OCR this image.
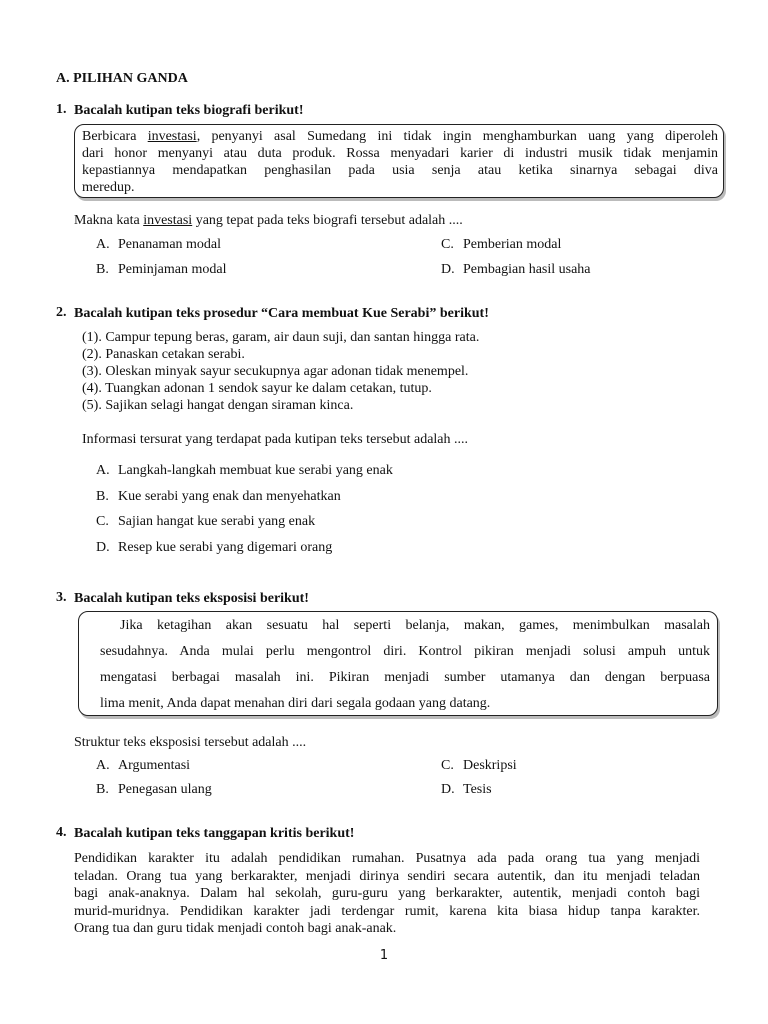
A. PILIHAN GANDA
1. Bacalah kutipan teks biografi berikut!
Berbicara investasi, penyanyi asal Sumedang ini tidak ingin menghamburkan uang yang diperoleh
dari honor menyanyi atau duta produk. Rossa menyadari karier di industri musik tidak menjamin
kepastiannya mendapatkan penghasilan pada usia senja atau ketika sinarnya sebagai diva
meredup.
Makna kata investasi yang tepat pada teks biografi tersebut adalah ....
A. Penanaman modal	C. Pemberian modal
B. Peminjaman modal	D. Pembagian hasil usaha
2. Bacalah kutipan teks prosedur “Cara membuat Kue Serabi” berikut!
(1). Campur tepung beras, garam, air daun suji, dan santan hingga rata.
(2). Panaskan cetakan serabi.
(3). Oleskan minyak sayur secukupnya agar adonan tidak menempel.
(4). Tuangkan adonan 1 sendok sayur ke dalam cetakan, tutup.
(5). Sajikan selagi hangat dengan siraman kinca.
Informasi tersurat yang terdapat pada kutipan teks tersebut adalah ....
A. Langkah-langkah membuat kue serabi yang enak
B. Kue serabi yang enak dan menyehatkan
C. Sajian hangat kue serabi yang enak
D. Resep kue serabi yang digemari orang
3. Bacalah kutipan teks eksposisi berikut!
Jika ketagihan akan sesuatu hal seperti belanja, makan, games, menimbulkan masalah
sesudahnya. Anda mulai perlu mengontrol diri. Kontrol pikiran menjadi solusi ampuh untuk
mengatasi berbagai masalah ini. Pikiran menjadi sumber utamanya dan dengan berpuasa
lima menit, Anda dapat menahan diri dari segala godaan yang datang.
Struktur teks eksposisi tersebut adalah ....
A. Argumentasi	C. Deskripsi
B. Penegasan ulang	D. Tesis
4. Bacalah kutipan teks tanggapan kritis berikut!
Pendidikan karakter itu adalah pendidikan rumahan. Pusatnya ada pada orang tua yang menjadi
teladan. Orang tua yang berkarakter, menjadi dirinya sendiri secara autentik, dan itu menjadi teladan
bagi anak-anaknya. Dalam hal sekolah, guru-guru yang berkarakter, autentik, menjadi contoh bagi
murid-muridnya. Pendidikan karakter jadi terdengar rumit, karena kita biasa hidup tanpa karakter.
Orang tua dan guru tidak menjadi contoh bagi anak-anak.
1
